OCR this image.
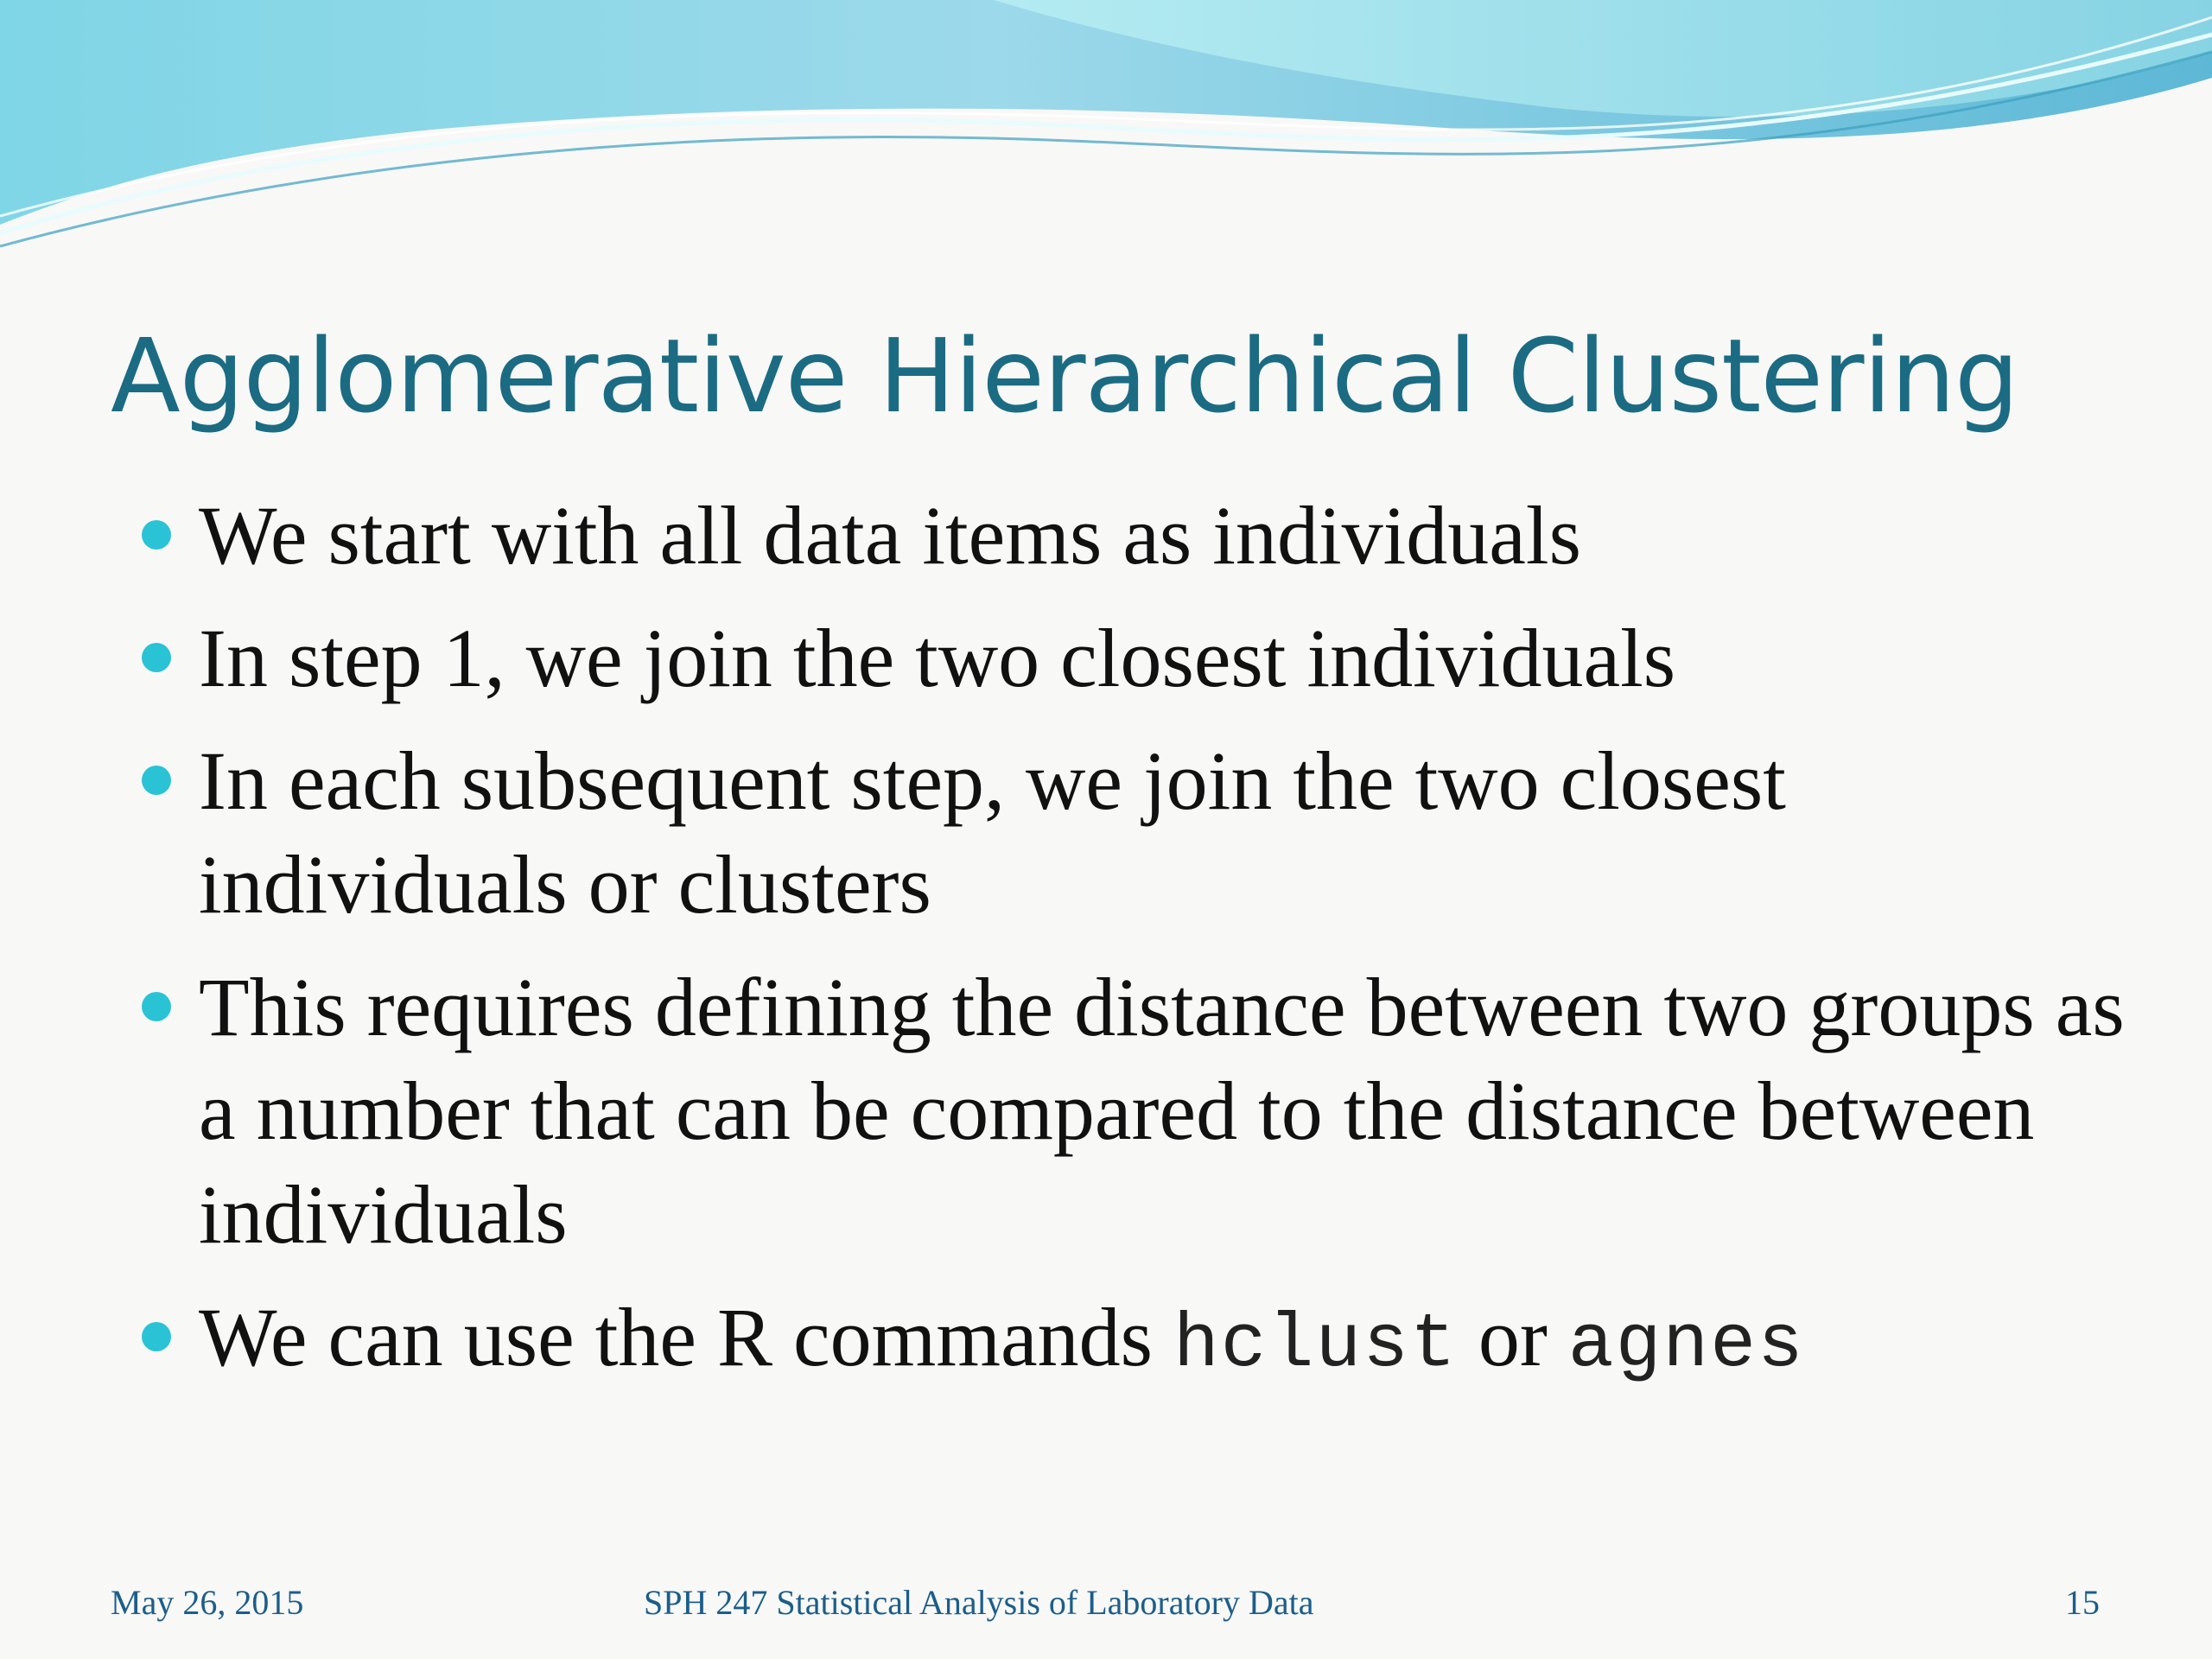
Agglomerative Hierarchical Clustering
We start with all data items as individuals
In step 1, we join the two closest individuals
In each subsequent step, we join the two closest individuals or clusters
This requires defining the distance between two groups as a number that can be compared to the distance between individuals
We can use the R commands hclust or agnes
May 26, 2015	SPH 247 Statistical Analysis of Laboratory Data	15
